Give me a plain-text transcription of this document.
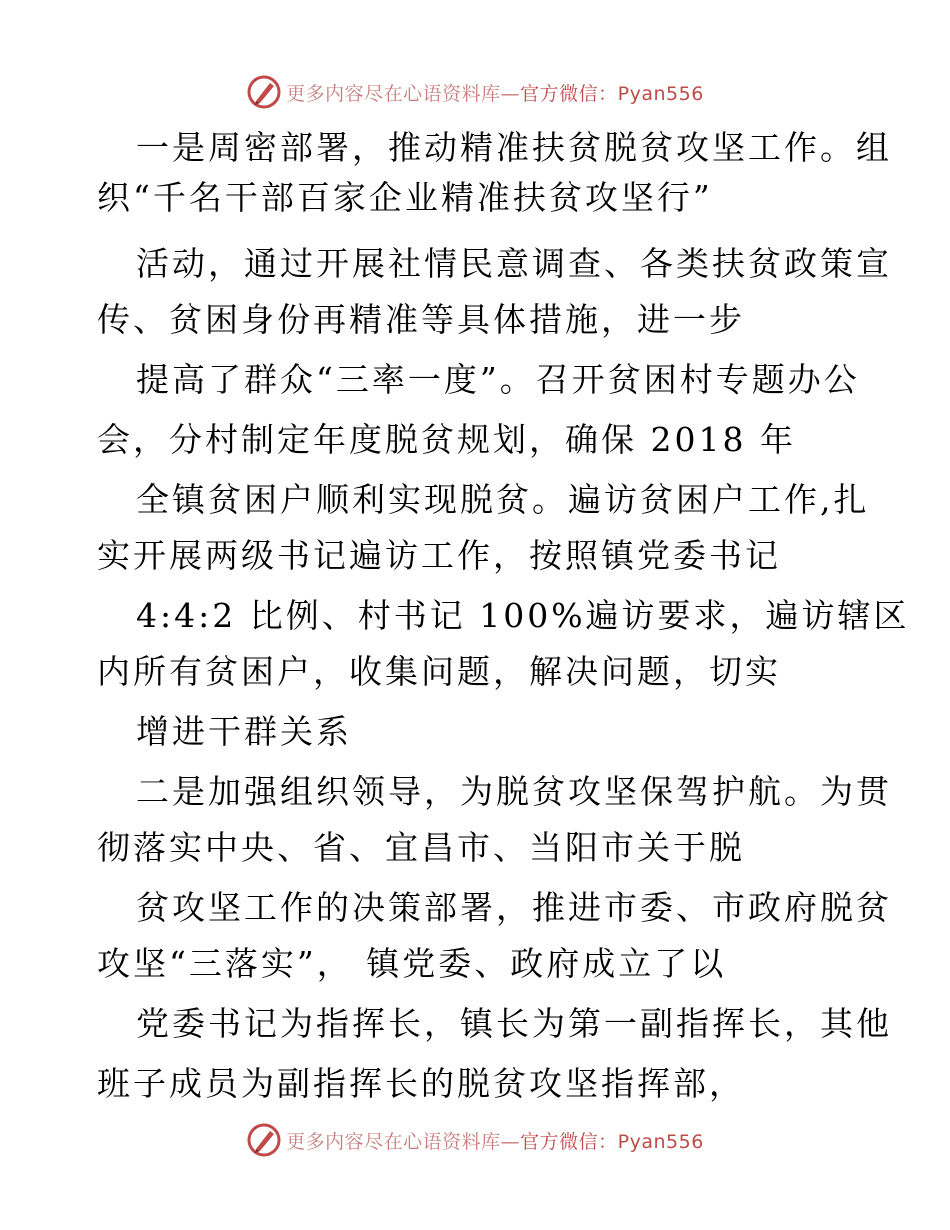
更多内容尽在心语资料库—官方微信：Pyan556
一是周密部署，推动精准扶贫脱贫攻坚工作。组
织“千名干部百家企业精准扶贫攻坚行”
活动，通过开展社情民意调查、各类扶贫政策宣
传、贫困身份再精准等具体措施，进一步
提高了群众“三率一度”。召开贫困村专题办公
会，分村制定年度脱贫规划，确保 2018 年
全镇贫困户顺利实现脱贫。遍访贫困户工作,扎
实开展两级书记遍访工作，按照镇党委书记
4:4:2 比例、村书记 100%遍访要求，遍访辖区
内所有贫困户，收集问题，解决问题，切实
增进干群关系
二是加强组织领导，为脱贫攻坚保驾护航。为贯
彻落实中央、省、宜昌市、当阳市关于脱
贫攻坚工作的决策部署，推进市委、市政府脱贫
攻坚“三落实”， 镇党委、政府成立了以
党委书记为指挥长，镇长为第一副指挥长，其他
班子成员为副指挥长的脱贫攻坚指挥部，
更多内容尽在心语资料库—官方微信：Pyan556
